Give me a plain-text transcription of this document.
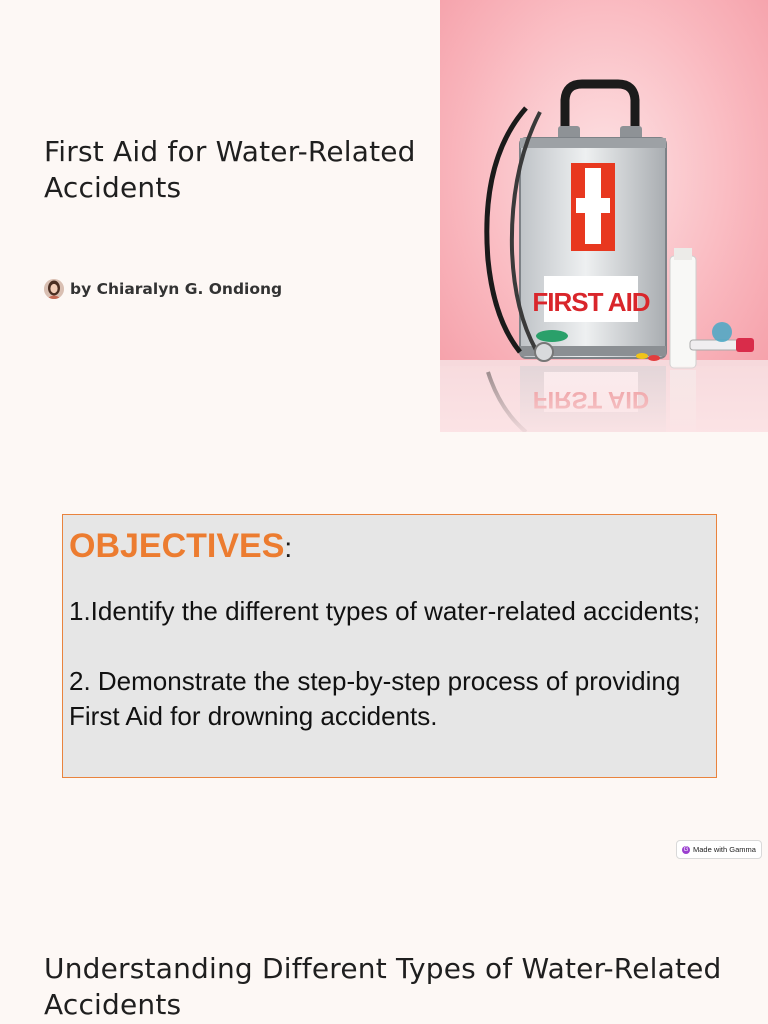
First Aid for Water-Related Accidents
by Chiaralyn G. Ondiong	FIRST AID

OBJECTIVES:

1.Identify the different types of water-related accidents;

2. Demonstrate the step-by-step process of providing First Aid for drowning accidents.

G Made with Gamma
Understanding Different Types of Water-Related Accidents
